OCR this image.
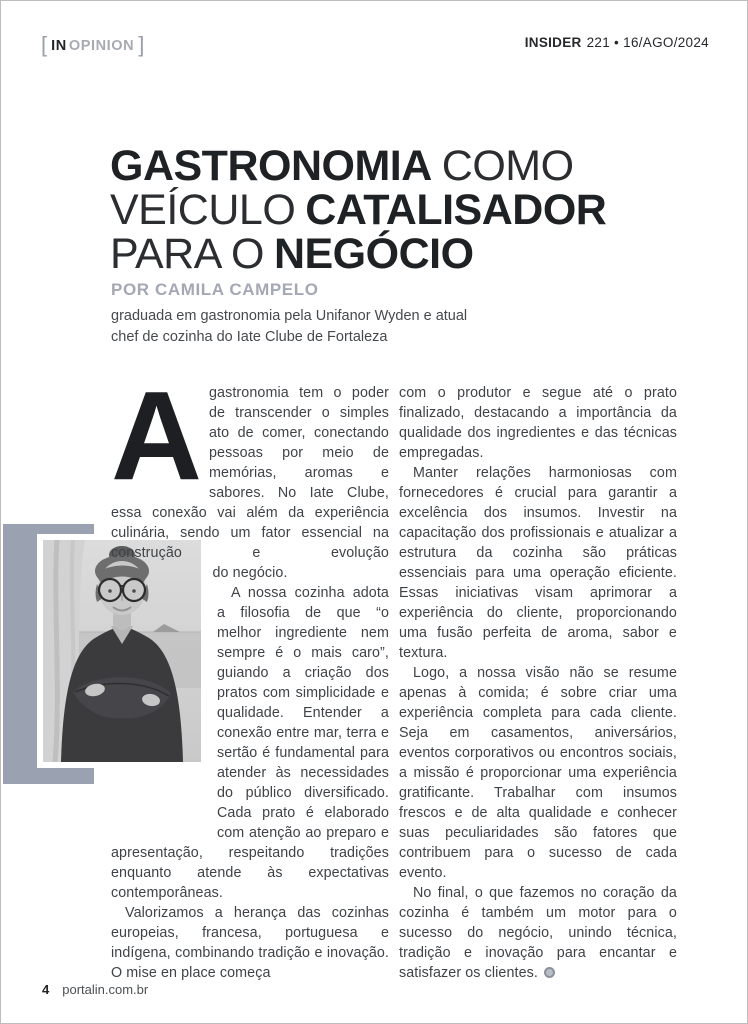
[ IN OPINION ]	INSIDER 221 • 16/AGO/2024
GASTRONOMIA COMO
VEÍCULO CATALISADOR
PARA O NEGÓCIO
POR CAMILA CAMPELO
graduada em gastronomia pela Unifanor Wyden e atual
chef de cozinha do Iate Clube de Fortaleza

Agastronomia tem o poder de transcender o simples ato de comer, conectando pessoas por meio de memórias, aromas e sabores. No Iate Clube, essa conexão vai além da experiência culinária, sendo um fator essencial na construção e evolução

do negócio.

A nossa cozinha adota a filosofia de que “o melhor ingrediente nem sempre é o mais caro”, guiando a criação dos pratos com simplicidade e qualidade. Entender a conexão entre mar, terra e sertão é fundamental para atender às necessidades do público diversificado. Cada prato é elaborado com atenção ao preparo e apresentação, respeitando tradições enquanto atende às expectativas contemporâneas.

Valorizamos a herança das cozinhas europeias, francesa, portuguesa e indígena, combinando tradição e inovação. O mise en place começa

com o produtor e segue até o prato finalizado, destacando a importância da qualidade dos ingredientes e das técnicas empregadas.

Manter relações harmoniosas com fornecedores é crucial para garantir a excelência dos insumos. Investir na capacitação dos profissionais e atualizar a estrutura da cozinha são práticas essenciais para uma operação eficiente. Essas iniciativas visam aprimorar a experiência do cliente, proporcionando uma fusão perfeita de aroma, sabor e textura.

Logo, a nossa visão não se resume apenas à comida; é sobre criar uma experiência completa para cada cliente. Seja em casamentos, aniversários, eventos corporativos ou encontros sociais, a missão é proporcionar uma experiência gratificante. Trabalhar com insumos frescos e de alta qualidade e conhecer suas peculiaridades são fatores que contribuem para o sucesso de cada evento.

No final, o que fazemos no coração da cozinha é também um motor para o sucesso do negócio, unindo técnica, tradição e inovação para encantar e satisfazer os clientes.

4 portalin.com.br
